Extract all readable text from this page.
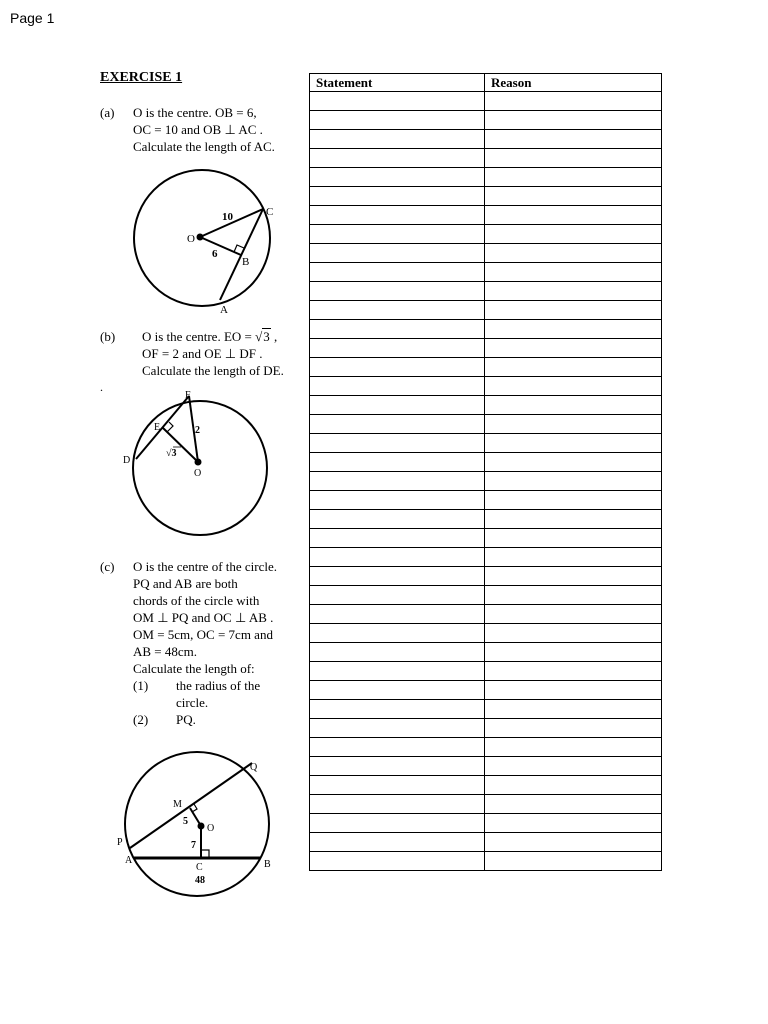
Page 1
EXERCISE 1
(a) O is the centre. OB = 6,
OC = 10 and OB ⊥ AC .
Calculate the length of AC.
O
C
B
A
10
6
(b) O is the centre. EO = √3 ,
OF = 2 and OE ⊥ DF .
Calculate the length of DE.
.
F
E
D
O
2
√3
(c) O is the centre of the circle.
PQ and AB are both
chords of the circle with
OM ⊥ PQ and OC ⊥ AB .
OM = 5cm, OC = 7cm and
AB = 48cm.
Calculate the length of:
(1) the radius of the
circle.
(2) PQ.
Q
M
O
P
A
C	B
5
7
48
Statement	Reason
